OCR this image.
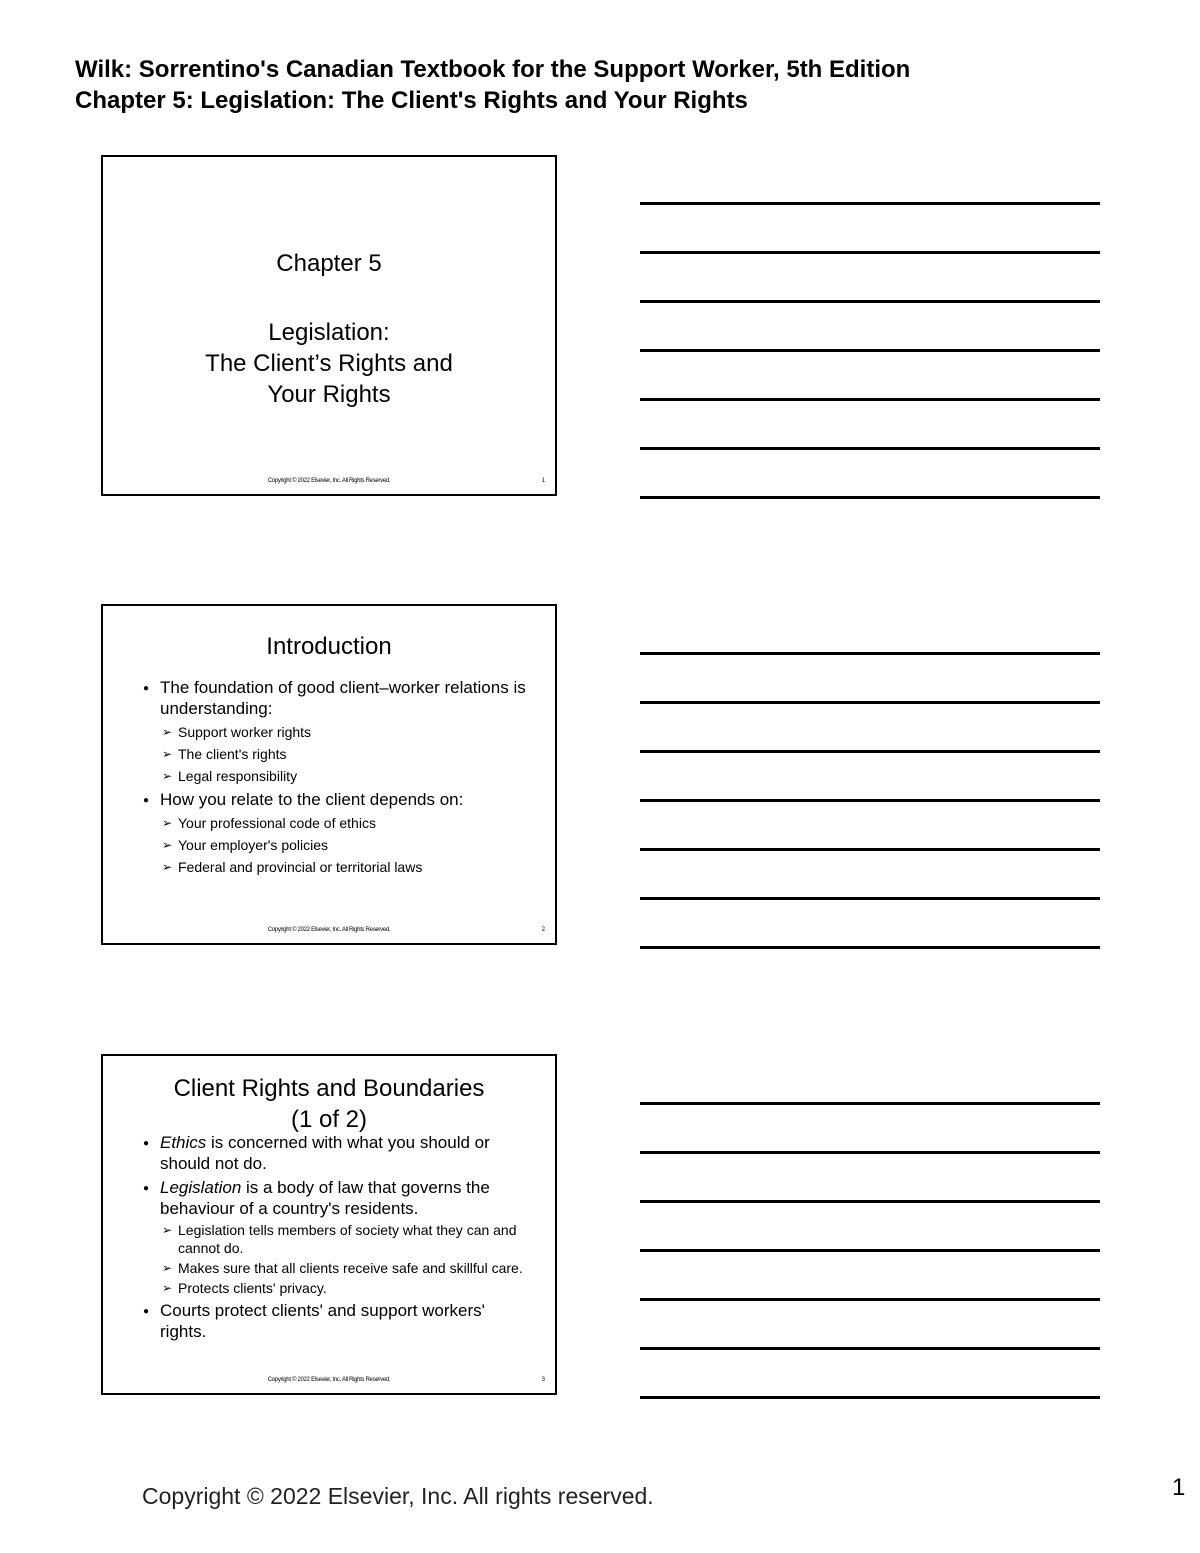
Wilk: Sorrentino's Canadian Textbook for the Support Worker, 5th Edition
Chapter 5: Legislation: The Client's Rights and Your Rights
Chapter 5
Legislation:
The Client’s Rights and
Your Rights
Copyright © 2022 Elsevier, Inc. All Rights Reserved.	1
Introduction
● The foundation of good client–worker relations is understanding:
➢ Support worker rights
➢ The client's rights
➢ Legal responsibility
● How you relate to the client depends on:
➢ Your professional code of ethics
➢ Your employer's policies
➢ Federal and provincial or territorial laws
Copyright © 2022 Elsevier, Inc. All Rights Reserved.	2
Client Rights and Boundaries
(1 of 2)
● Ethics is concerned with what you should or should not do.
● Legislation is a body of law that governs the behaviour of a country's residents.
➢ Legislation tells members of society what they can and cannot do.
➢ Makes sure that all clients receive safe and skillful care.
➢ Protects clients' privacy.
● Courts protect clients' and support workers' rights.
Copyright © 2022 Elsevier, Inc. All Rights Reserved.	3
Copyright © 2022 Elsevier, Inc. All rights reserved.	1
